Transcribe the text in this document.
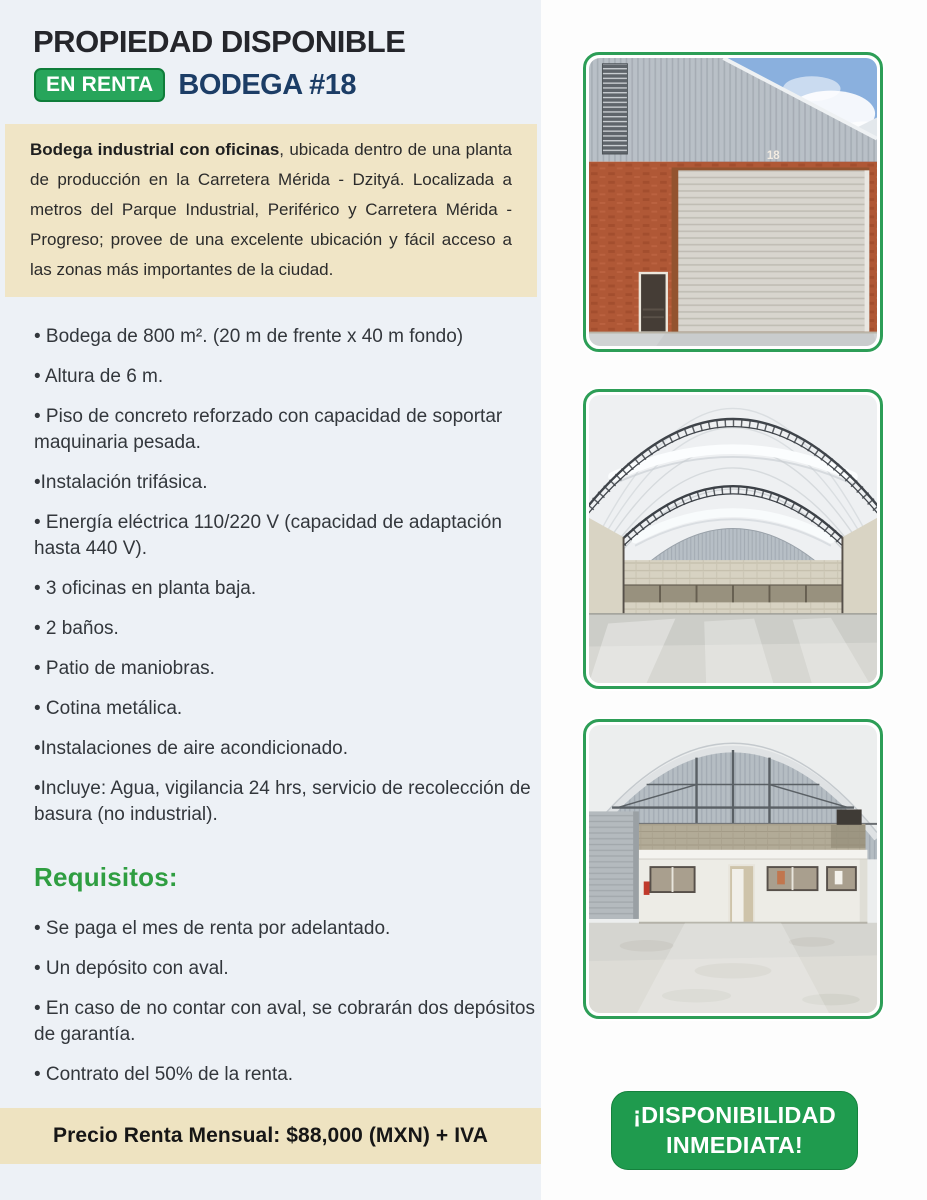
PROPIEDAD DISPONIBLE
EN RENTA BODEGA #18
Bodega industrial con oficinas, ubicada dentro de una planta de producción en la Carretera Mérida - Dzityá. Localizada a metros del Parque Industrial, Periférico y Carretera Mérida - Progreso; provee de una excelente ubicación y fácil acceso a las zonas más importantes de la ciudad.
• Bodega de 800 m². (20 m de frente x 40 m fondo)
• Altura de 6 m.
• Piso de concreto reforzado con capacidad de soportar maquinaria pesada.
•Instalación trifásica.
• Energía eléctrica 110/220 V (capacidad de adaptación hasta 440 V).
• 3 oficinas en planta baja.
• 2 baños.
• Patio de maniobras.
• Cotina metálica.
•Instalaciones de aire acondicionado.
•Incluye: Agua, vigilancia 24 hrs, servicio de recolección de basura (no industrial).
Requisitos:
• Se paga el mes de renta por adelantado.
• Un depósito con aval.
• En caso de no contar con aval, se cobrarán dos depósitos de garantía.
• Contrato del 50% de la renta.
Precio Renta Mensual: $88,000 (MXN) + IVA
18
¡DISPONIBILIDAD
INMEDIATA!
